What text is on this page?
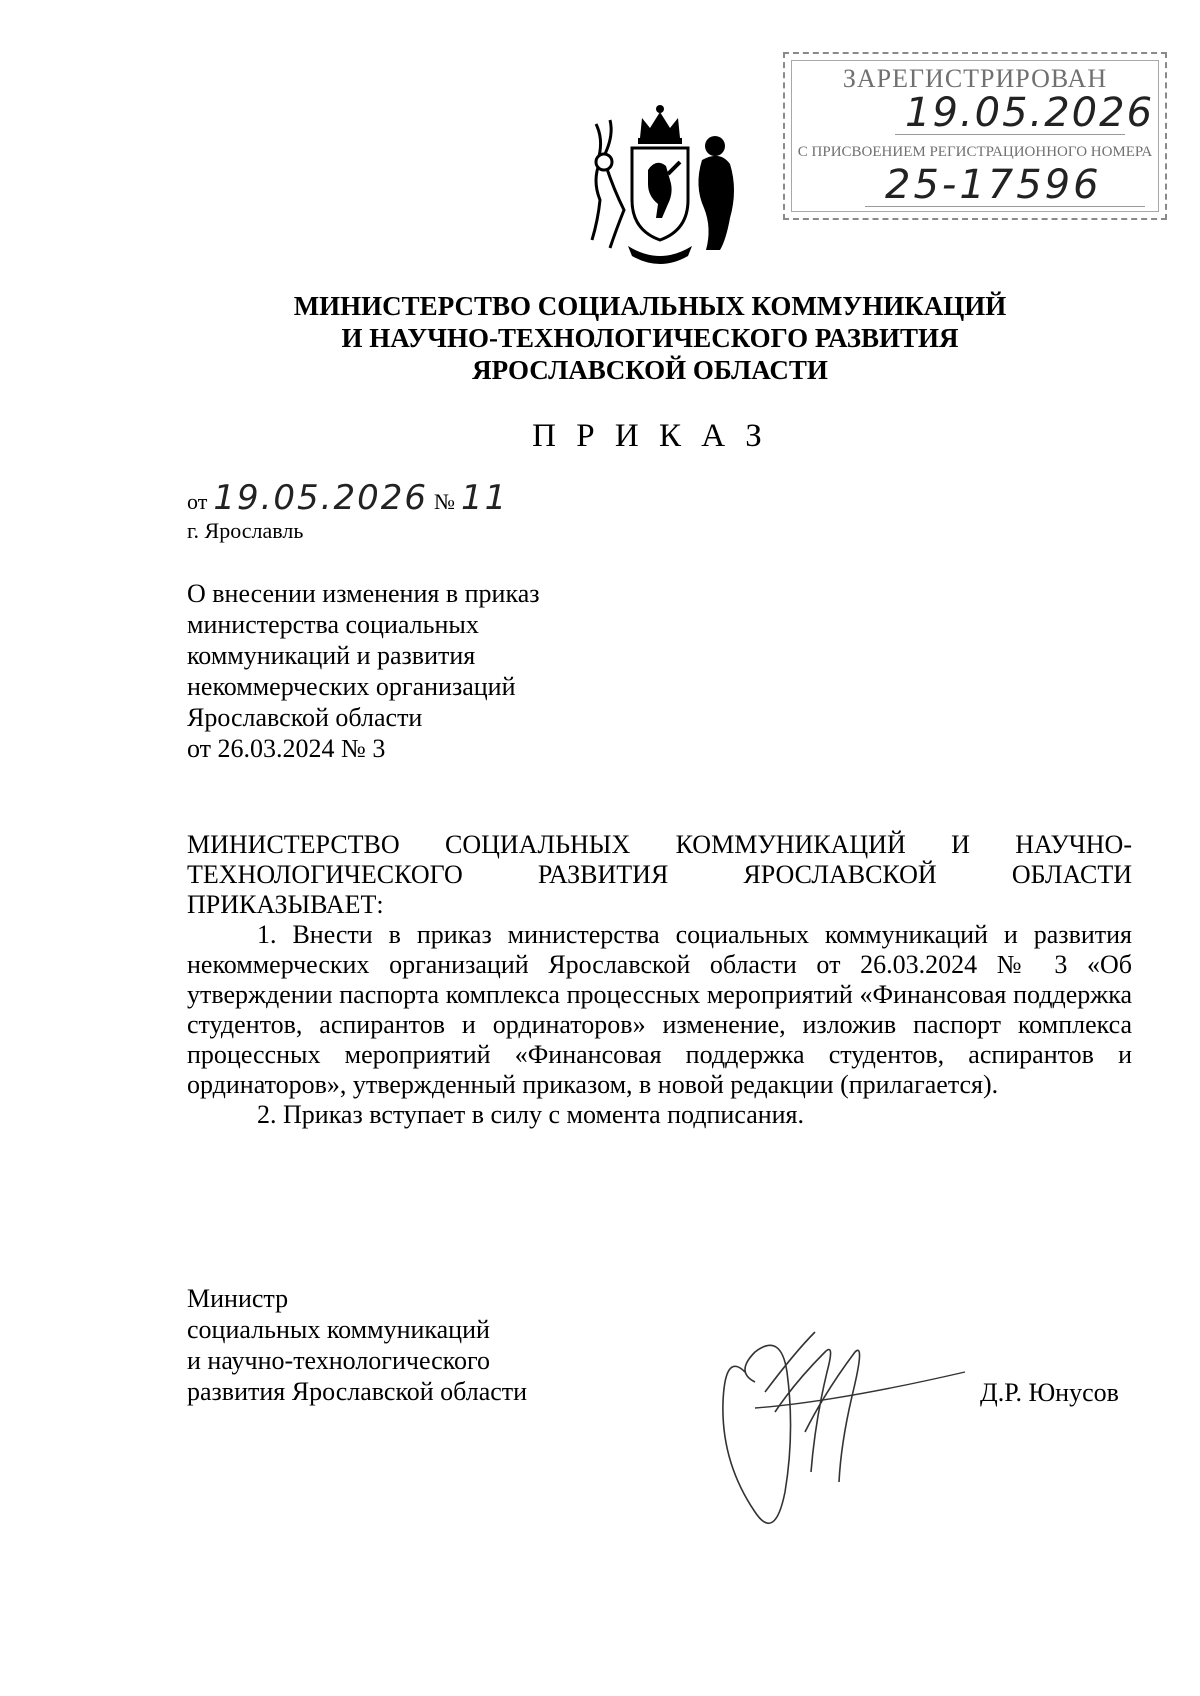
ЗАРЕГИСТРИРОВАН
19.05.2026
С ПРИСВОЕНИЕМ РЕГИСТРАЦИОННОГО НОМЕРА
25-17596
МИНИСТЕРСТВО СОЦИАЛЬНЫХ КОММУНИКАЦИЙ
И НАУЧНО-ТЕХНОЛОГИЧЕСКОГО РАЗВИТИЯ
ЯРОСЛАВСКОЙ ОБЛАСТИ
П Р И К А З
от 19.05.2026 № 11
г. Ярославль
О внесении изменения в приказ
министерства социальных
коммуникаций и развития
некоммерческих организаций
Ярославской области
от 26.03.2024 № 3
МИНИСТЕРСТВО СОЦИАЛЬНЫХ КОММУНИКАЦИЙ И НАУЧНО-
ТЕХНОЛОГИЧЕСКОГО РАЗВИТИЯ ЯРОСЛАВСКОЙ ОБЛАСТИ
ПРИКАЗЫВАЕТ:

1. Внести в приказ министерства социальных коммуникаций и развития некоммерческих организаций Ярославской области от 26.03.2024 № 3 «Об утверждении паспорта комплекса процессных мероприятий «Финансовая поддержка студентов, аспирантов и ординаторов» изменение, изложив паспорт комплекса процессных мероприятий «Финансовая поддержка студентов, аспирантов и ординаторов», утвержденный приказом, в новой редакции (прилагается).

2. Приказ вступает в силу с момента подписания.

Министр
социальных коммуникаций
и научно-технологического
развития Ярославской области	Д.Р. Юнусов
